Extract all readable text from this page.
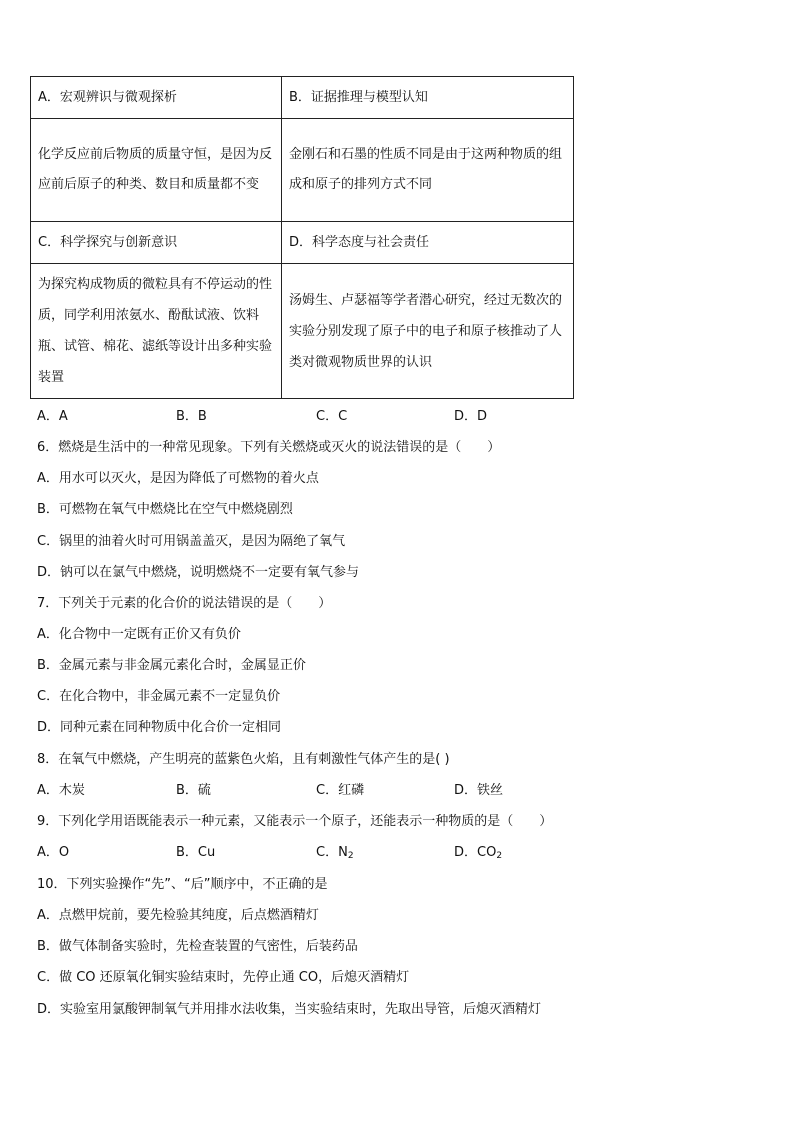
A．宏观辨识与微观探析	B．证据推理与模型认知
化学反应前后物质的质量守恒，是因为反应前后原子的种类、数目和质量都不变	金刚石和石墨的性质不同是由于这两种物质的组成和原子的排列方式不同
C．科学探究与创新意识	D．科学态度与社会责任
为探究构成物质的微粒具有不停运动的性质，同学利用浓氨水、酚酞试液、饮料瓶、试管、棉花、滤纸等设计出多种实验装置	汤姆生、卢瑟福等学者潜心研究，经过无数次的实验分别发现了原子中的电子和原子核推动了人类对微观物质世界的认识
A．A	B．B	C．C	D．D
6．燃烧是生活中的一种常见现象。下列有关燃烧或灭火的说法错误的是（　　）
A．用水可以灭火，是因为降低了可燃物的着火点
B．可燃物在氧气中燃烧比在空气中燃烧剧烈
C．锅里的油着火时可用锅盖盖灭，是因为隔绝了氧气
D．钠可以在氯气中燃烧，说明燃烧不一定要有氧气参与
7．下列关于元素的化合价的说法错误的是（　　）
A．化合物中一定既有正价又有负价
B．金属元素与非金属元素化合时，金属显正价
C．在化合物中，非金属元素不一定显负价
D．同种元素在同种物质中化合价一定相同
8．在氧气中燃烧，产生明亮的蓝紫色火焰，且有刺激性气体产生的是( )
A．木炭	B．硫	C．红磷	D．铁丝
9．下列化学用语既能表示一种元素，又能表示一个原子，还能表示一种物质的是（　　）
A．O	B．Cu	C．$N_2$	D．$CO_2$
10．下列实验操作“先”、“后”顺序中，不正确的是
A．点燃甲烷前，要先检验其纯度，后点燃酒精灯
B．做气体制备实验时，先检查装置的气密性，后装药品
C．做 CO 还原氧化铜实验结束时，先停止通 CO，后熄灭酒精灯
D．实验室用氯酸钾制氧气并用排水法收集，当实验结束时，先取出导管，后熄灭酒精灯
